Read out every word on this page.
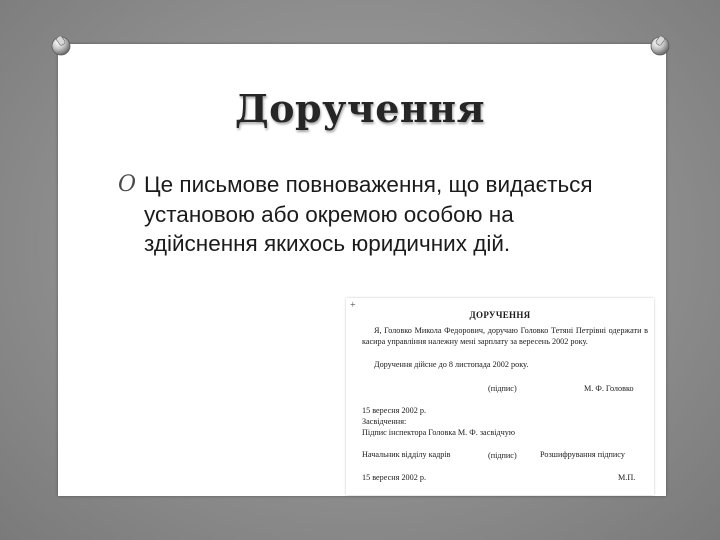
Доручення
O Це письмове повноваження, що видається установою або окремою особою на здійснення якихось юридичних дій.
+
ДОРУЧЕННЯ
Я, Головко Микола Федорович, доручаю Головко Тетяні Петрівні одержати в касира управління належну мені зарплату за вересень 2002 року.
Доручення дійсне до 8 листопада 2002 року.
(підпис)	М. Ф. Головко
15 вересня 2002 р.
Засвідчення:
Підпис інспектора Головка М. Ф. засвідчую
Начальник відділу кадрів	(підпис)	Розшифрування підпису
15 вересня 2002 р.	М.П.
